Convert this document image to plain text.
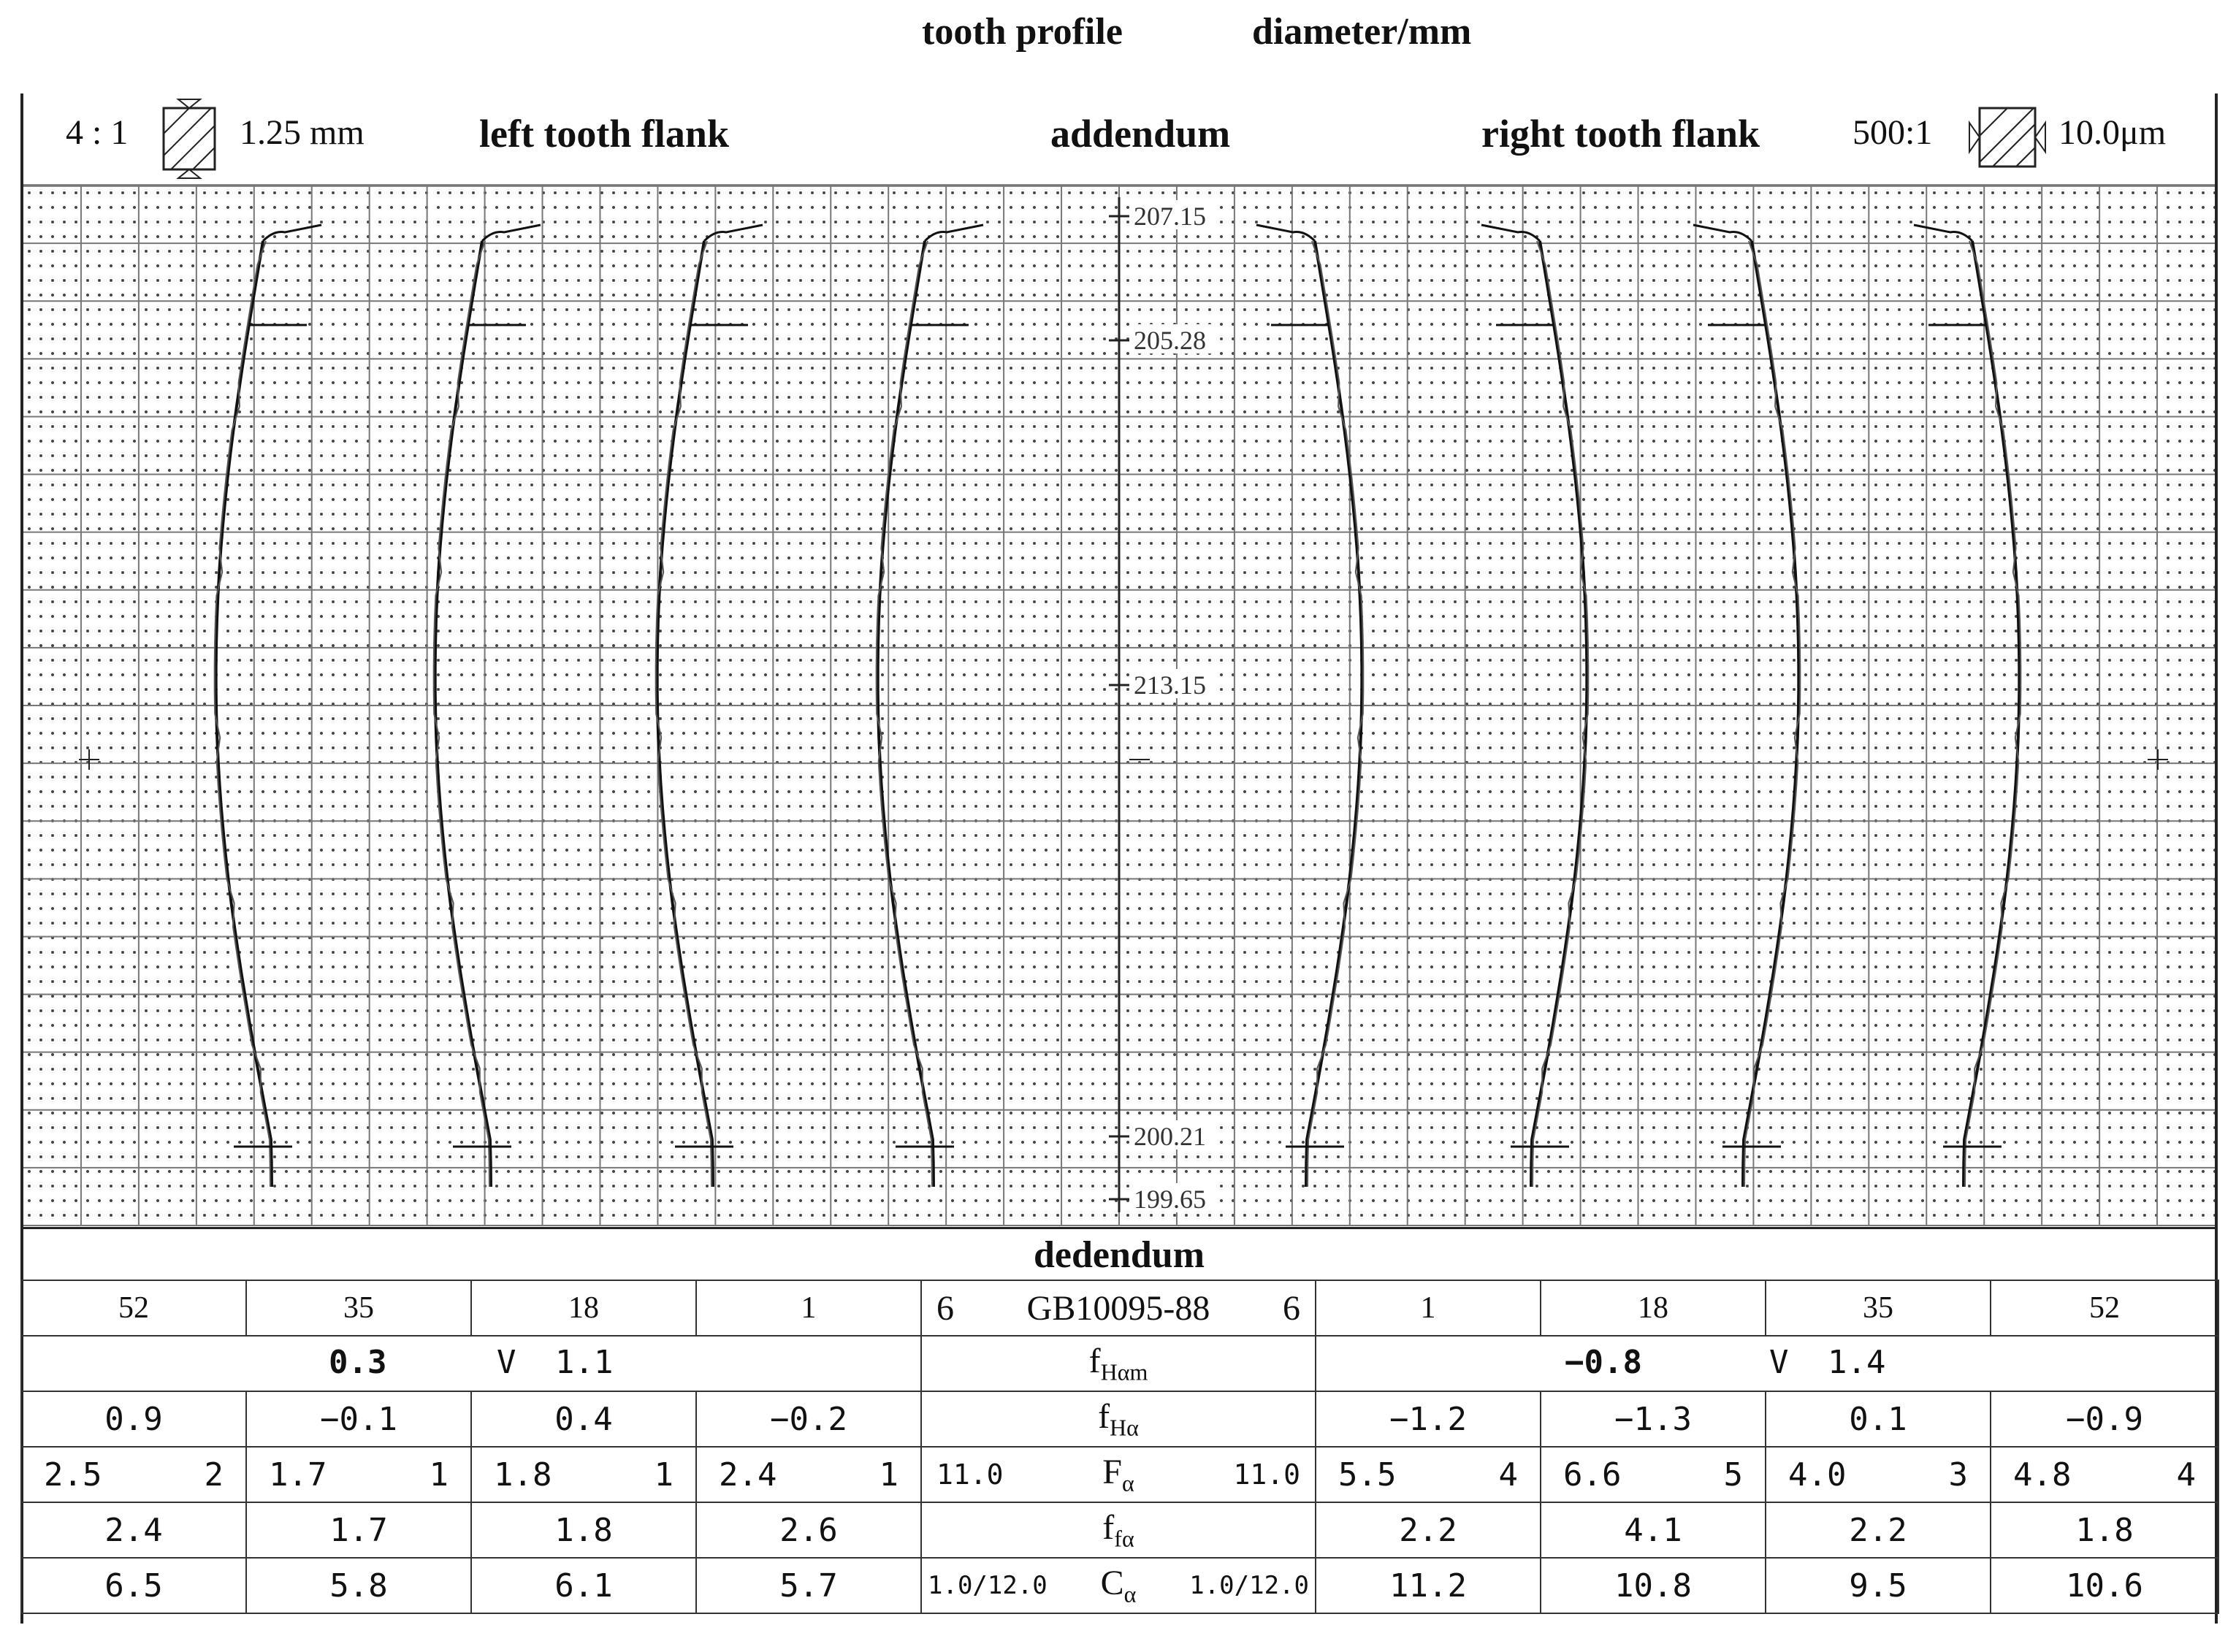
tooth profile	diameter/mm
4 : 1	1.25 mm	left tooth flank	addendum	right tooth flank	500:1	10.0μm
207.15
205.28
213.15
200.21
199.65
dedendum
52	35	18	1	6 GB10095-88 6	1	18	35	52

0.3 V 1.1				$f_{H\alpha m}$	−0.8 V 1.4			

0.9	−0.1	0.4	−0.2	$f_{H\alpha}$	−1.2	−1.3	0.1	−0.9

2.5 2	1.7 1	1.8 1	2.4 1	11.0 $F_\alpha$ 11.0	5.5 4	6.6 5	4.0 3	4.8 4

2.4	1.7	1.8	2.6	$f_{f\alpha}$	2.2	4.1	2.2	1.8
6.5	5.8	6.1	5.7	1.0/12.0 $C_\alpha$ 1.0/12.0	11.2	10.8	9.5	10.6
